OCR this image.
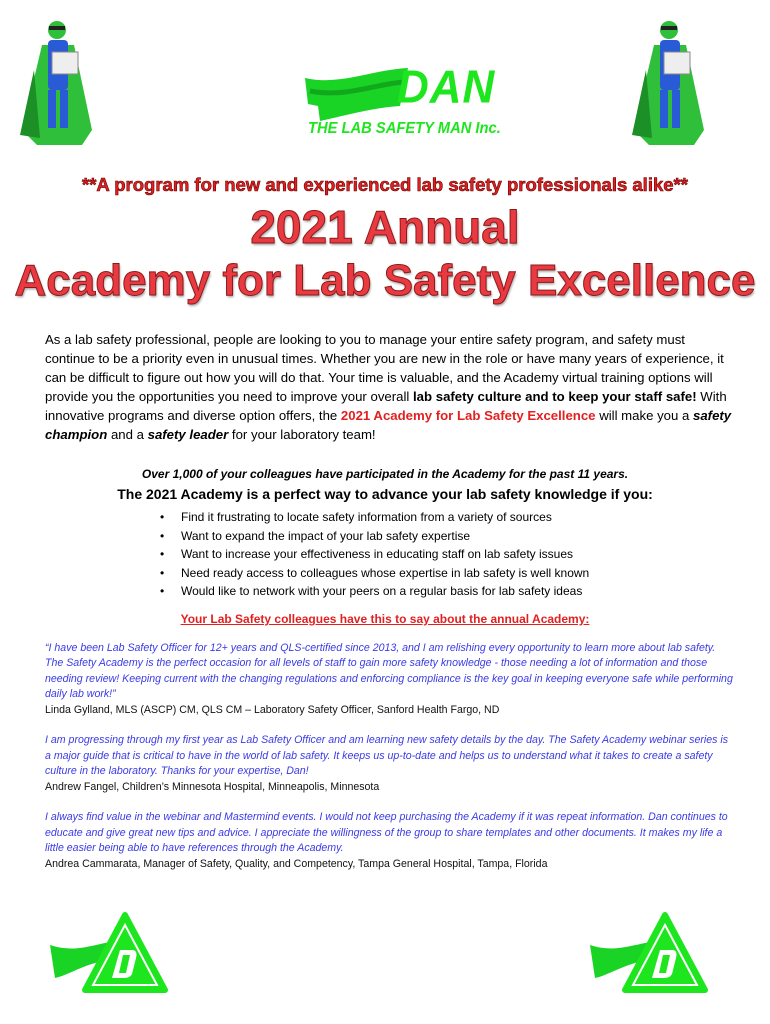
DAN
THE LAB SAFETY MAN Inc.
**A program for new and experienced lab safety professionals alike**
2021 Annual
Academy for Lab Safety Excellence

As a lab safety professional, people are looking to you to manage your entire safety program, and safety must continue to be a priority even in unusual times. Whether you are new in the role or have many years of experience, it can be difficult to figure out how you will do that. Your time is valuable, and the Academy virtual training options will provide you the opportunities you need to improve your overall lab safety culture and to keep your staff safe! With innovative programs and diverse option offers, the 2021 Academy for Lab Safety Excellence will make you a safety champion and a safety leader for your laboratory team!

Over 1,000 of your colleagues have participated in the Academy for the past 11 years.
The 2021 Academy is a perfect way to advance your lab safety knowledge if you:
• Find it frustrating to locate safety information from a variety of sources
• Want to expand the impact of your lab safety expertise
• Want to increase your effectiveness in educating staff on lab safety issues
• Need ready access to colleagues whose expertise in lab safety is well known
• Would like to network with your peers on a regular basis for lab safety ideas
Your Lab Safety colleagues have this to say about the annual Academy:
“I have been Lab Safety Officer for 12+ years and QLS-certified since 2013, and I am relishing every opportunity to learn more about lab safety. The Safety Academy is the perfect occasion for all levels of staff to gain more safety knowledge - those needing a lot of information and those needing review! Keeping current with the changing regulations and enforcing compliance is the key goal in keeping everyone safe while performing daily lab work!”
Linda Gylland, MLS (ASCP) CM, QLS CM – Laboratory Safety Officer, Sanford Health Fargo, ND
I am progressing through my first year as Lab Safety Officer and am learning new safety details by the day. The Safety Academy webinar series is a major guide that is critical to have in the world of lab safety. It keeps us up-to-date and helps us to understand what it takes to create a safety culture in the laboratory. Thanks for your expertise, Dan!
Andrew Fangel, Children’s Minnesota Hospital, Minneapolis, Minnesota
I always find value in the webinar and Mastermind events. I would not keep purchasing the Academy if it was repeat information. Dan continues to educate and give great new tips and advice. I appreciate the willingness of the group to share templates and other documents. It makes my life a little easier being able to have references through the Academy.
Andrea Cammarata, Manager of Safety, Quality, and Competency, Tampa General Hospital, Tampa, Florida
